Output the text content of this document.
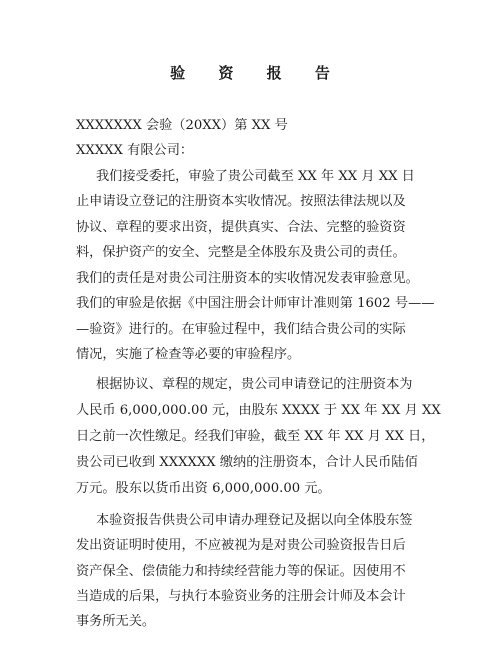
验 资 报 告
XXXXXXX 会验（20XX）第 XX 号
XXXXX 有限公司：
我们接受委托，审验了贵公司截至 XX 年 XX 月 XX 日
止申请设立登记的注册资本实收情况。按照法律法规以及
协议、章程的要求出资，提供真实、合法、完整的验资资
料，保护资产的安全、完整是全体股东及贵公司的责任。
我们的责任是对贵公司注册资本的实收情况发表审验意见。
我们的审验是依据《中国注册会计师审计准则第 1602 号——
—验资》进行的。在审验过程中，我们结合贵公司的实际
情况，实施了检查等必要的审验程序。
根据协议、章程的规定，贵公司申请登记的注册资本为
人民币 6,000,000.00 元，由股东 XXXX 于 XX 年 XX 月 XX
日之前一次性缴足。经我们审验，截至 XX 年 XX 月 XX 日，
贵公司已收到 XXXXXX 缴纳的注册资本，合计人民币陆佰
万元。股东以货币出资 6,000,000.00 元。
本验资报告供贵公司申请办理登记及据以向全体股东签
发出资证明时使用，不应被视为是对贵公司验资报告日后
资产保全、偿债能力和持续经营能力等的保证。因使用不
当造成的后果，与执行本验资业务的注册会计师及本会计
事务所无关。
